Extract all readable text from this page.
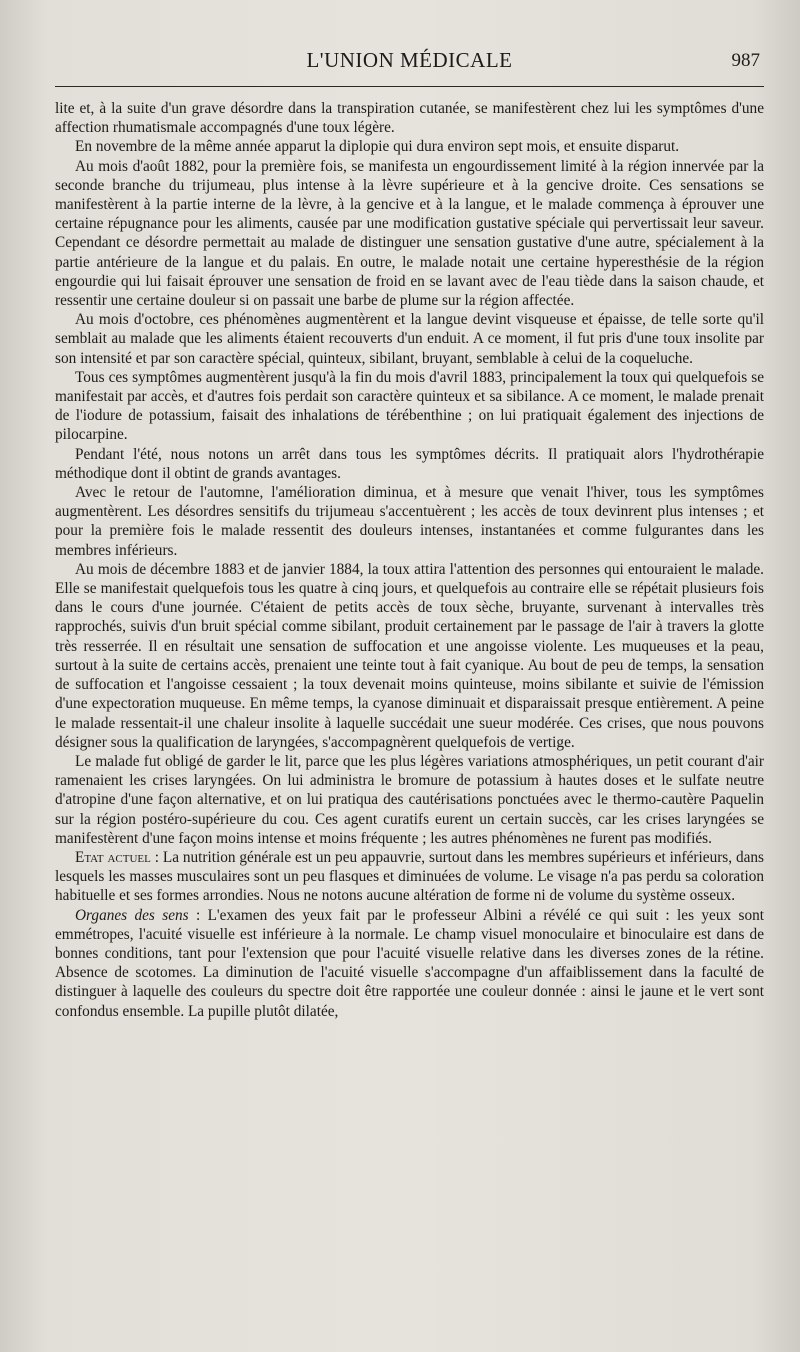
L'UNION MÉDICALE	987

lite et, à la suite d'un grave désordre dans la transpiration cutanée, se manifestèrent chez lui les symptômes d'une affection rhumatismale accompagnés d'une toux légère.

En novembre de la même année apparut la diplopie qui dura environ sept mois, et ensuite disparut.

Au mois d'août 1882, pour la première fois, se manifesta un engourdissement limité à la région innervée par la seconde branche du trijumeau, plus intense à la lèvre supérieure et à la gencive droite. Ces sensations se manifestèrent à la partie interne de la lèvre, à la gencive et à la langue, et le malade commença à éprouver une certaine répugnance pour les aliments, causée par une modification gustative spéciale qui pervertissait leur saveur. Cependant ce désordre permettait au malade de distinguer une sensation gustative d'une autre, spécialement à la partie antérieure de la langue et du palais. En outre, le malade notait une certaine hyperesthésie de la région engourdie qui lui faisait éprouver une sensation de froid en se lavant avec de l'eau tiède dans la saison chaude, et ressentir une certaine douleur si on passait une barbe de plume sur la région affectée.

Au mois d'octobre, ces phénomènes augmentèrent et la langue devint visqueuse et épaisse, de telle sorte qu'il semblait au malade que les aliments étaient recouverts d'un enduit. A ce moment, il fut pris d'une toux insolite par son intensité et par son caractère spécial, quinteux, sibilant, bruyant, semblable à celui de la coqueluche.

Tous ces symptômes augmentèrent jusqu'à la fin du mois d'avril 1883, principalement la toux qui quelquefois se manifestait par accès, et d'autres fois perdait son caractère quinteux et sa sibilance. A ce moment, le malade prenait de l'iodure de potassium, faisait des inhalations de térébenthine ; on lui pratiquait également des injections de pilocarpine.

Pendant l'été, nous notons un arrêt dans tous les symptômes décrits. Il pratiquait alors l'hydrothérapie méthodique dont il obtint de grands avantages.

Avec le retour de l'automne, l'amélioration diminua, et à mesure que venait l'hiver, tous les symptômes augmentèrent. Les désordres sensitifs du trijumeau s'accentuèrent ; les accès de toux devinrent plus intenses ; et pour la première fois le malade ressentit des douleurs intenses, instantanées et comme fulgurantes dans les membres inférieurs.

Au mois de décembre 1883 et de janvier 1884, la toux attira l'attention des personnes qui entouraient le malade. Elle se manifestait quelquefois tous les quatre à cinq jours, et quelquefois au contraire elle se répétait plusieurs fois dans le cours d'une journée. C'étaient de petits accès de toux sèche, bruyante, survenant à intervalles très rapprochés, suivis d'un bruit spécial comme sibilant, produit certainement par le passage de l'air à travers la glotte très resserrée. Il en résultait une sensation de suffocation et une angoisse violente. Les muqueuses et la peau, surtout à la suite de certains accès, prenaient une teinte tout à fait cyanique. Au bout de peu de temps, la sensation de suffocation et l'angoisse cessaient ; la toux devenait moins quinteuse, moins sibilante et suivie de l'émission d'une expectoration muqueuse. En même temps, la cyanose diminuait et disparaissait presque entièrement. A peine le malade ressentait-il une chaleur insolite à laquelle succédait une sueur modérée. Ces crises, que nous pouvons désigner sous la qualification de laryngées, s'accompagnèrent quelquefois de vertige.

Le malade fut obligé de garder le lit, parce que les plus légères variations atmosphériques, un petit courant d'air ramenaient les crises laryngées. On lui administra le bromure de potassium à hautes doses et le sulfate neutre d'atropine d'une façon alternative, et on lui pratiqua des cautérisations ponctuées avec le thermo-cautère Paquelin sur la région postéro-supérieure du cou. Ces agent curatifs eurent un certain succès, car les crises laryngées se manifestèrent d'une façon moins intense et moins fréquente ; les autres phénomènes ne furent pas modifiés.

Etat actuel : La nutrition générale est un peu appauvrie, surtout dans les membres supérieurs et inférieurs, dans lesquels les masses musculaires sont un peu flasques et diminuées de volume. Le visage n'a pas perdu sa coloration habituelle et ses formes arrondies. Nous ne notons aucune altération de forme ni de volume du système osseux.

Organes des sens : L'examen des yeux fait par le professeur Albini a révélé ce qui suit : les yeux sont emmétropes, l'acuité visuelle est inférieure à la normale. Le champ visuel monoculaire et binoculaire est dans de bonnes conditions, tant pour l'extension que pour l'acuité visuelle relative dans les diverses zones de la rétine. Absence de scotomes. La diminution de l'acuité visuelle s'accompagne d'un affaiblissement dans la faculté de distinguer à laquelle des couleurs du spectre doit être rapportée une couleur donnée : ainsi le jaune et le vert sont confondus ensemble. La pupille plutôt dilatée,
